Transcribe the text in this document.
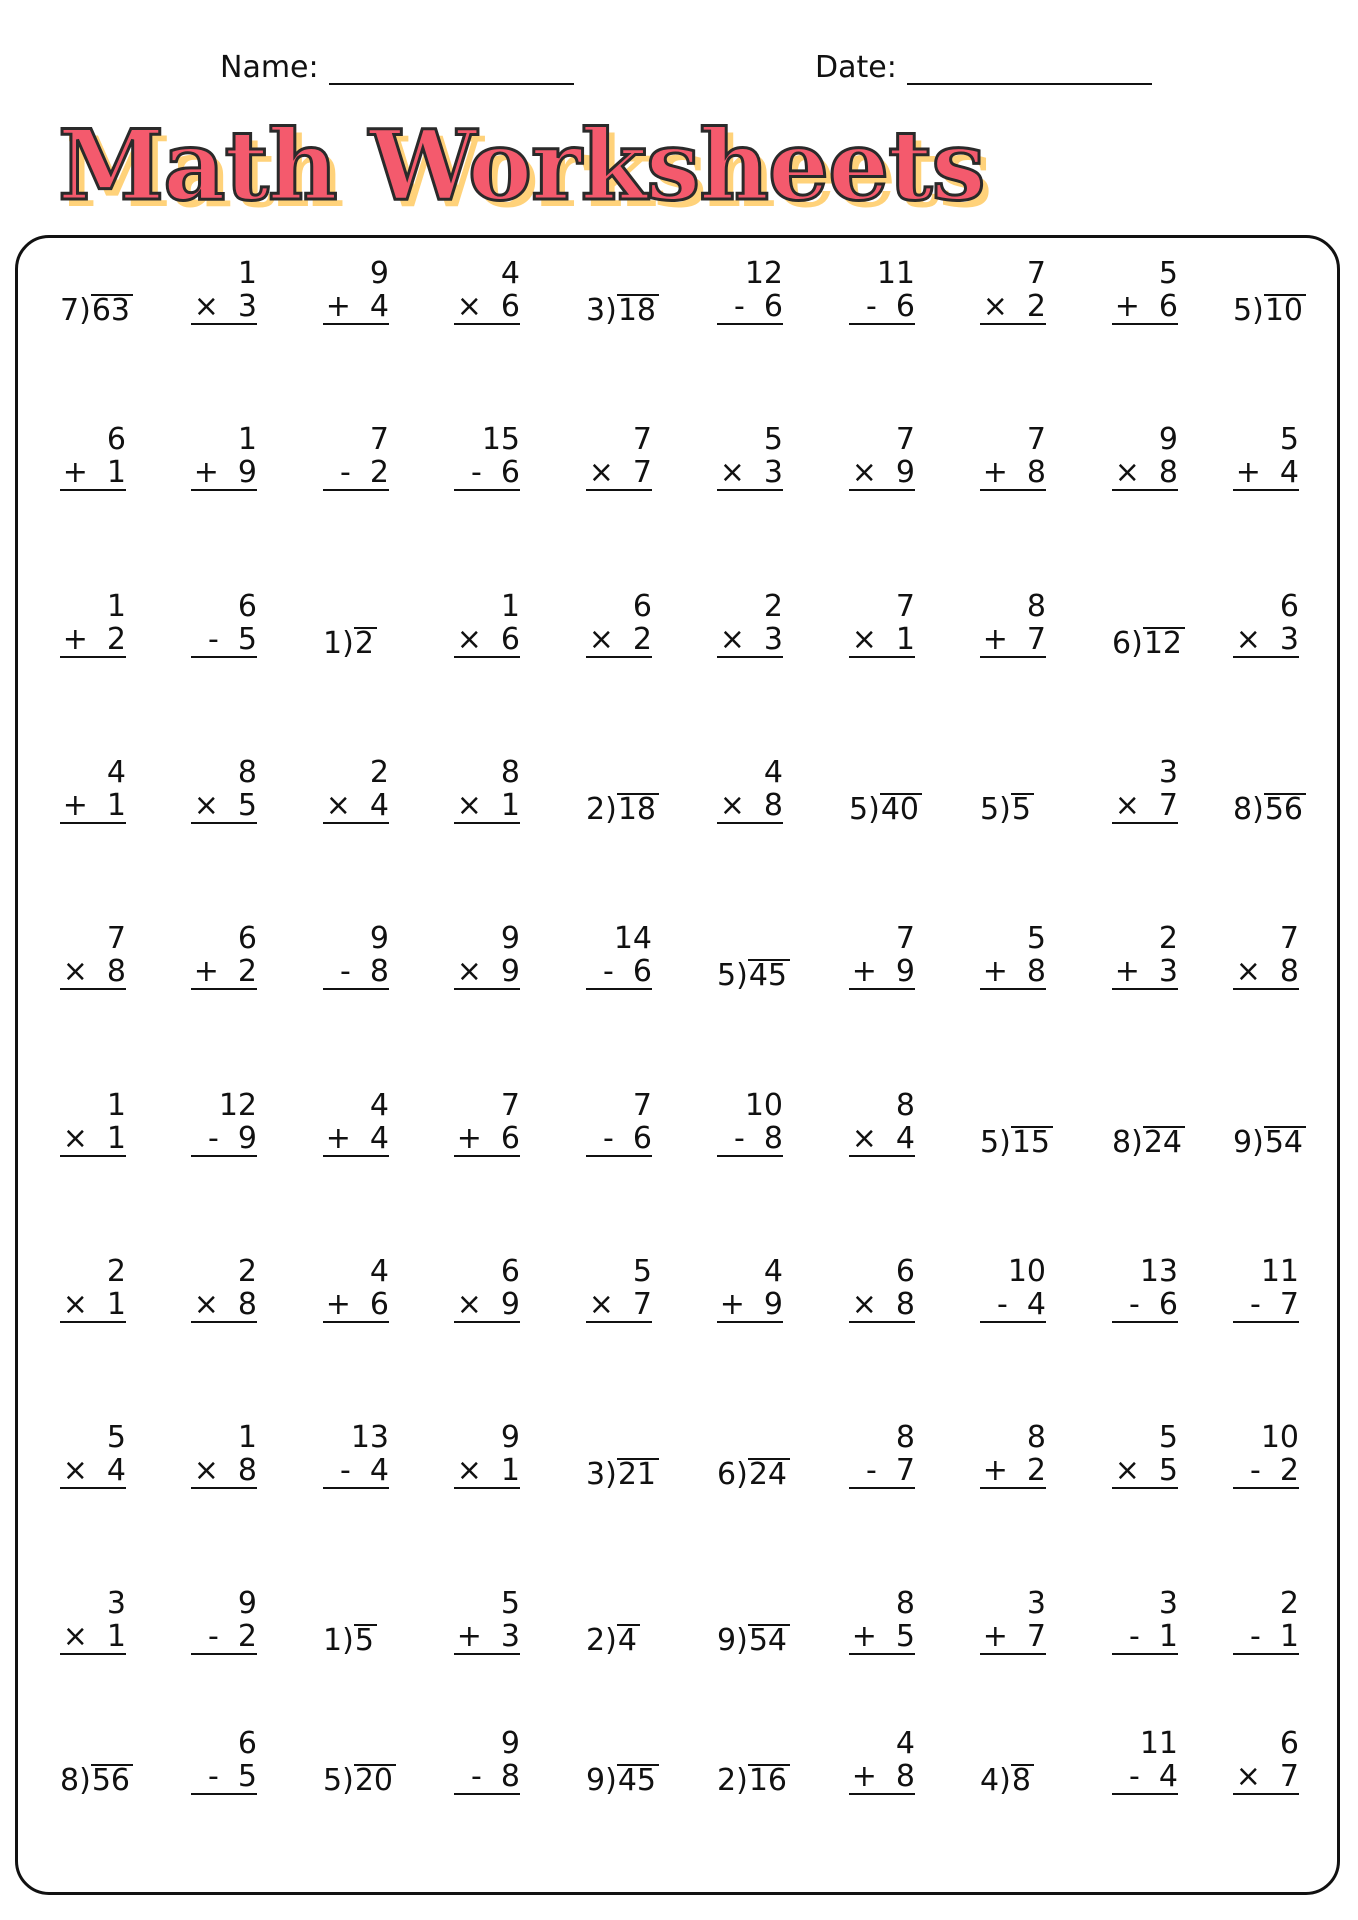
Name:	Date:
Math Worksheets
7)63
1
× 3
9
+ 4
4
× 6 3)18
12
- 6
11
- 6
7
× 2
5
+ 6 5)10
6
+ 1
1
+ 9
7
- 2
15
- 6
7
× 7
5
× 3
7
× 9
7
+ 8
9
× 8
5
+ 4
1
+ 2
6
- 5 1)2
1
× 6
6
× 2
2
× 3
7
× 1
8
+ 7 6)12
6
× 3
4
+ 1
8
× 5
2
× 4
8
× 1 2)18
4
× 8 5)40 5)5
3
× 7 8)56
7
× 8
6
+ 2
9
- 8
9
× 9
14
- 6 5)45
7
+ 9
5
+ 8
2
+ 3
7
× 8
1
× 1
12
- 9
4
+ 4
7
+ 6
7
- 6
10
- 8
8
× 4 5)15 8)24 9)54
2
× 1
2
× 8
4
+ 6
6
× 9
5
× 7
4
+ 9
6
× 8
10
- 4
13
- 6
11
- 7
5
× 4
1
× 8
13
- 4
9
× 1 3)21 6)24
8
- 7
8
+ 2
5
× 5
10
- 2
3
× 1
9
- 2 1)5
5
+ 3 2)4	9)54
8
+ 5
3
+ 7
3
- 1
2
- 1
8)56
6
- 5 5)20
9
- 8 9)45 2)16
4
+ 8 4)8
11
- 4
6
× 7
